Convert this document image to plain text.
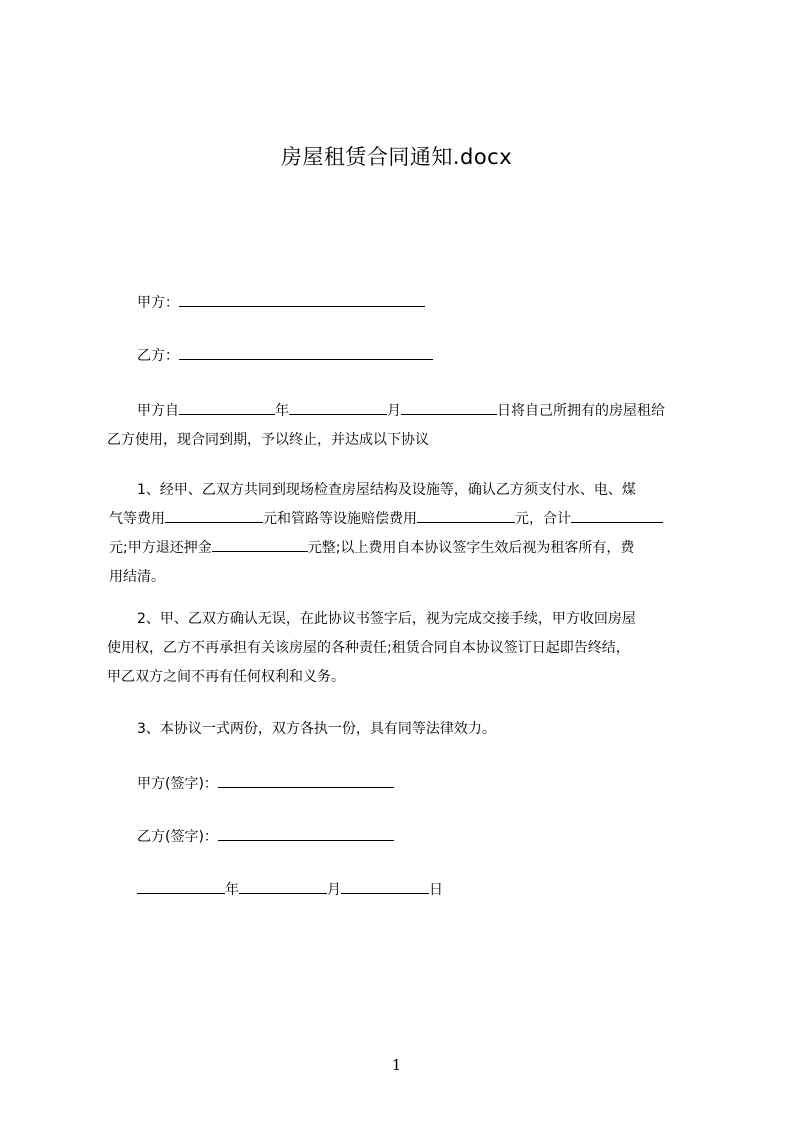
房屋租赁合同通知.docx
甲方：
乙方：
甲方自	年	月	日将自己所拥有的房屋租给
乙方使用，现合同到期，予以终止，并达成以下协议
1、经甲、乙双方共同到现场检查房屋结构及设施等，确认乙方须支付水、电、煤
气等费用	元和管路等设施赔偿费用	元，合计
元;甲方退还押金	元整;以上费用自本协议签字生效后视为租客所有，费
用结清。
2、甲、乙双方确认无误，在此协议书签字后，视为完成交接手续，甲方收回房屋
使用权，乙方不再承担有关该房屋的各种责任;租赁合同自本协议签订日起即告终结，
甲乙双方之间不再有任何权利和义务。
3、本协议一式两份，双方各执一份，具有同等法律效力。
甲方(签字)：
乙方(签字)：
年	月	日
1
